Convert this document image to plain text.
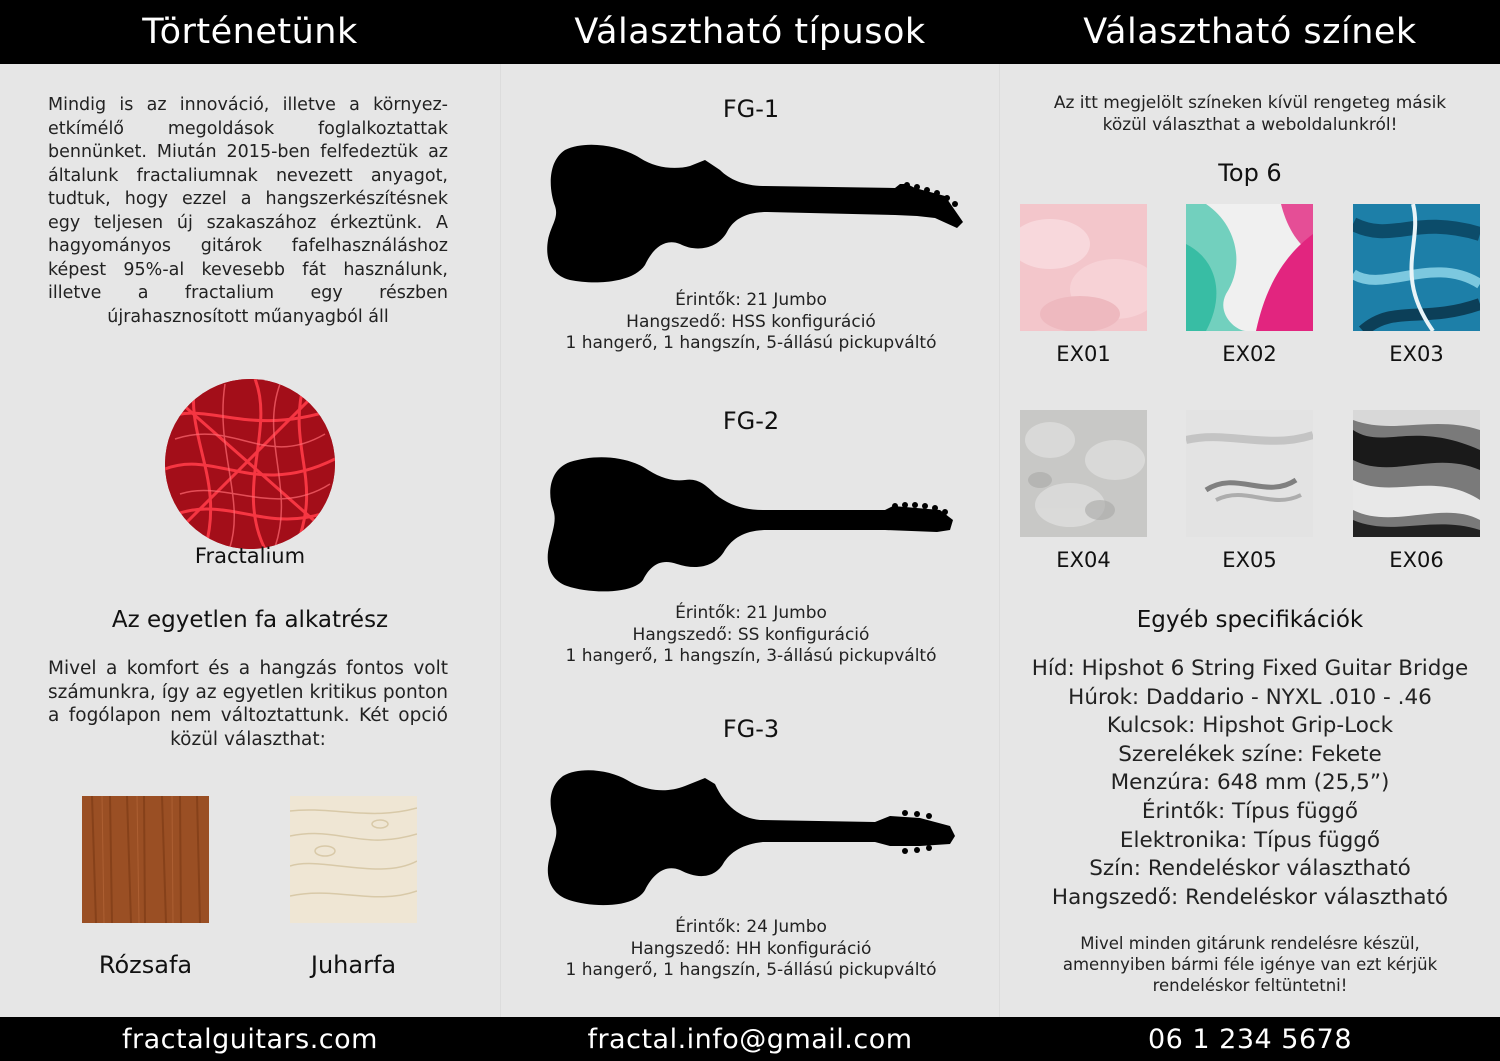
Történetünk	Választható típusok	Választható színek
Mindig is az innováció, illetve a környezetkímélő megoldások foglalkoztattak bennünket. Miután 2015-ben felfedeztük az általunk fractaliumnak nevezett anyagot, tudtuk, hogy ezzel a hangszerkészítésnek egy teljesen új szakaszához érkeztünk. A hagyományos gitárok fafelhasználáshoz képest 95%-al kevesebb fát használunk, illetve a fractalium egy részben újrahasznosított műanyagból áll
Fractalium
Az egyetlen fa alkatrész
Mivel a komfort és a hangzás fontos volt számunkra, így az egyetlen kritikus ponton a fogólapon nem változtattunk. Két opció közül választhat:
Rózsafa	Juharfa
FG-1
Érintők: 21 Jumbo
Hangszedő: HSS konfiguráció
1 hangerő, 1 hangszín, 5-állású pickupváltó
FG-2
Érintők: 21 Jumbo
Hangszedő: SS konfiguráció
1 hangerő, 1 hangszín, 3-állású pickupváltó
FG-3
Érintők: 24 Jumbo
Hangszedő: HH konfiguráció
1 hangerő, 1 hangszín, 5-állású pickupváltó
Az itt megjelölt színeken kívül rengeteg másik közül választhat a weboldalunkról!
Top 6
EX01	EX02	EX03
EX04	EX05	EX06
Egyéb specifikációk
Híd: Hipshot 6 String Fixed Guitar Bridge
Húrok: Daddario - NYXL .010 - .46
Kulcsok: Hipshot Grip-Lock
Szerelékek színe: Fekete
Menzúra: 648 mm (25,5”)
Érintők: Típus függő
Elektronika: Típus függő
Szín: Rendeléskor választható
Hangszedő: Rendeléskor választható
Mivel minden gitárunk rendelésre készül, amennyiben bármi féle igénye van ezt kérjük rendeléskor feltüntetni!
fractalguitars.com	fractal.info@gmail.com	06 1 234 5678
